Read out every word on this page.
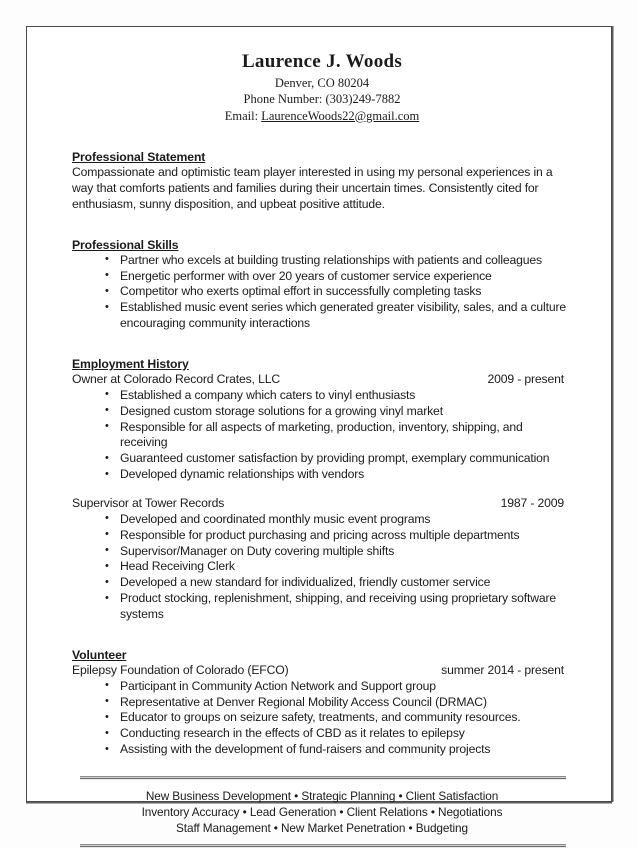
Laurence J. Woods
Denver, CO 80204
Phone Number: (303)249-7882
Email: LaurenceWoods22@gmail.com
Professional Statement
Compassionate and optimistic team player interested in using my personal experiences in a way that comforts patients and families during their uncertain times. Consistently cited for enthusiasm, sunny disposition, and upbeat positive attitude.
Professional Skills
• Partner who excels at building trusting relationships with patients and colleagues
• Energetic performer with over 20 years of customer service experience
• Competitor who exerts optimal effort in successfully completing tasks
• Established music event series which generated greater visibility, sales, and a culture encouraging community interactions
Employment History
Owner at Colorado Record Crates, LLC	2009 - present
• Established a company which caters to vinyl enthusiasts
• Designed custom storage solutions for a growing vinyl market
• Responsible for all aspects of marketing, production, inventory, shipping, and receiving
• Guaranteed customer satisfaction by providing prompt, exemplary communication
• Developed dynamic relationships with vendors
Supervisor at Tower Records	1987 - 2009
• Developed and coordinated monthly music event programs
• Responsible for product purchasing and pricing across multiple departments
• Supervisor/Manager on Duty covering multiple shifts
• Head Receiving Clerk
• Developed a new standard for individualized, friendly customer service
• Product stocking, replenishment, shipping, and receiving using proprietary software systems
Volunteer
Epilepsy Foundation of Colorado (EFCO)	summer 2014 - present
• Participant in Community Action Network and Support group
• Representative at Denver Regional Mobility Access Council (DRMAC)
• Educator to groups on seizure safety, treatments, and community resources.
• Conducting research in the effects of CBD as it relates to epilepsy
• Assisting with the development of fund-raisers and community projects
New Business Development • Strategic Planning • Client Satisfaction
Inventory Accuracy • Lead Generation • Client Relations • Negotiations
Staff Management • New Market Penetration • Budgeting
